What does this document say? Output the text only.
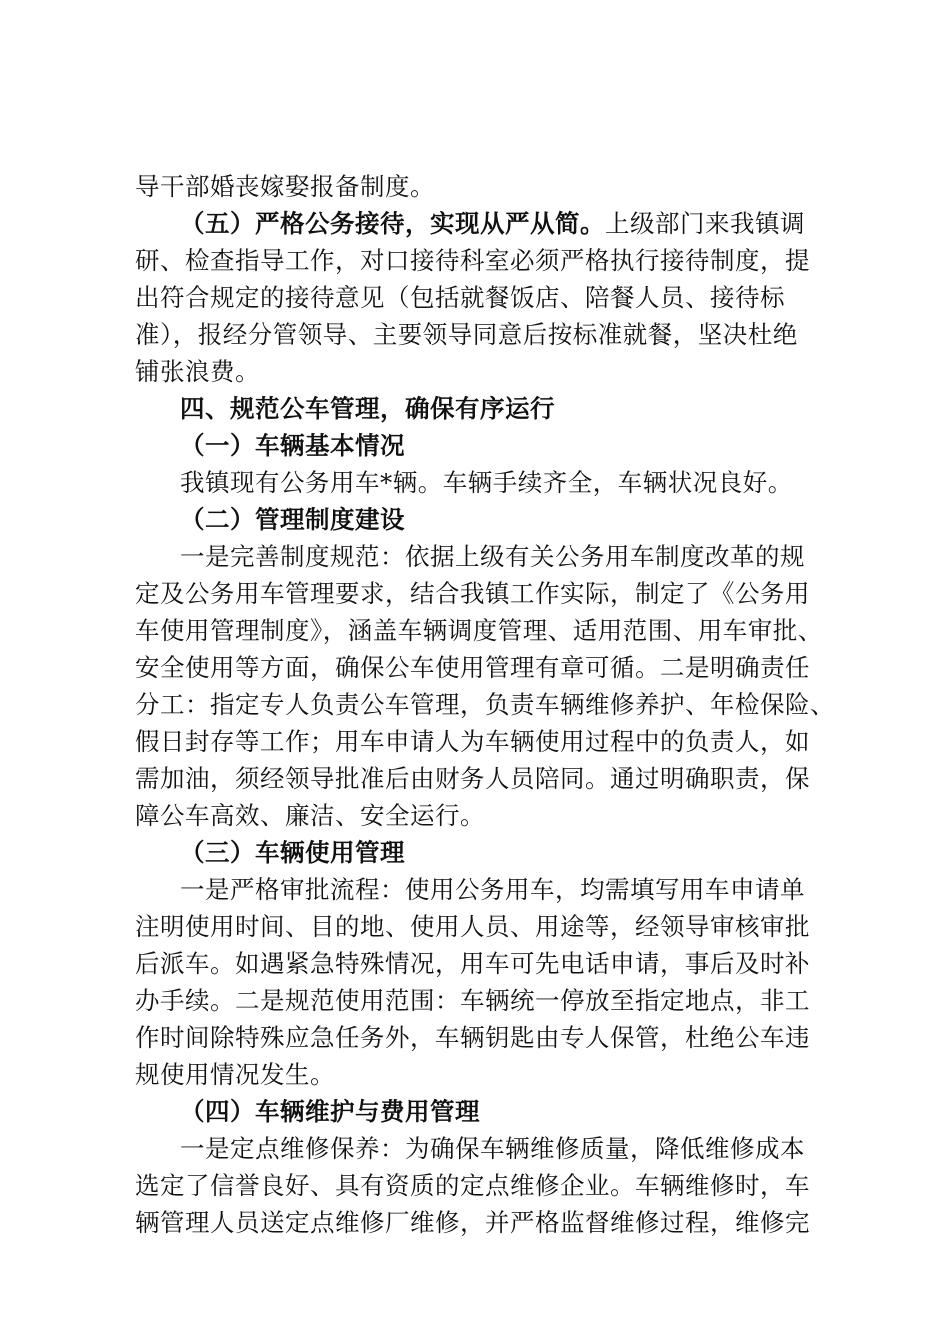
导干部婚丧嫁娶报备制度。
（五）严格公务接待，实现从严从简。上级部门来我镇调
研、检查指导工作，对口接待科室必须严格执行接待制度，提
出符合规定的接待意见（包括就餐饭店、陪餐人员、接待标
准），报经分管领导、主要领导同意后按标准就餐，坚决杜绝
铺张浪费。
四、规范公车管理，确保有序运行
（一）车辆基本情况
我镇现有公务用车*辆。车辆手续齐全，车辆状况良好。
（二）管理制度建设
一是完善制度规范：依据上级有关公务用车制度改革的规
定及公务用车管理要求，结合我镇工作实际，制定了《公务用
车使用管理制度》，涵盖车辆调度管理、适用范围、用车审批、
安全使用等方面，确保公车使用管理有章可循。二是明确责任
分工：指定专人负责公车管理，负责车辆维修养护、年检保险、
假日封存等工作；用车申请人为车辆使用过程中的负责人，如
需加油，须经领导批准后由财务人员陪同。通过明确职责，保
障公车高效、廉洁、安全运行。
（三）车辆使用管理
一是严格审批流程：使用公务用车，均需填写用车申请单
注明使用时间、目的地、使用人员、用途等，经领导审核审批
后派车。如遇紧急特殊情况，用车可先电话申请，事后及时补
办手续。二是规范使用范围：车辆统一停放至指定地点，非工
作时间除特殊应急任务外，车辆钥匙由专人保管，杜绝公车违
规使用情况发生。
（四）车辆维护与费用管理
一是定点维修保养：为确保车辆维修质量，降低维修成本
选定了信誉良好、具有资质的定点维修企业。车辆维修时，车
辆管理人员送定点维修厂维修，并严格监督维修过程，维修完
